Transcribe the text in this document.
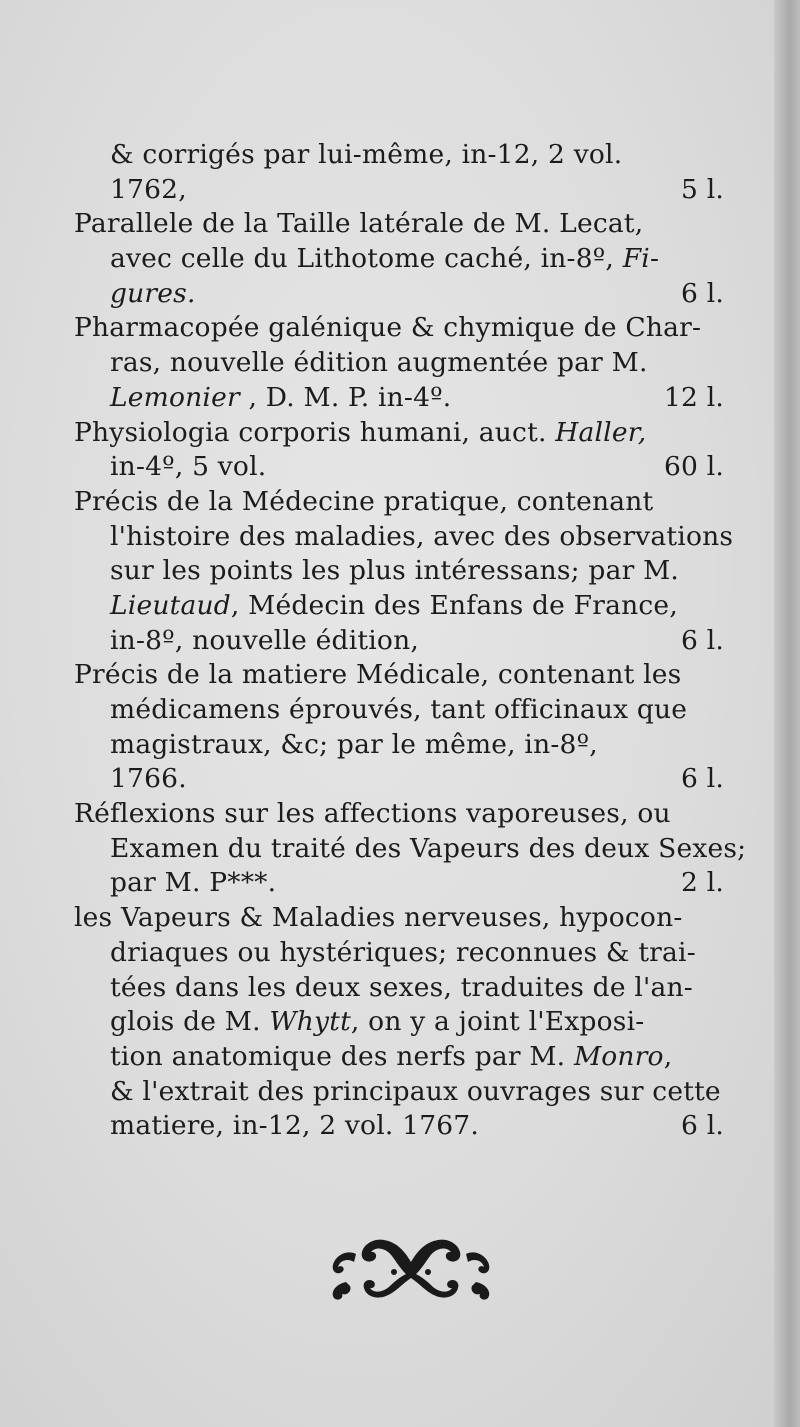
& corrigés par lui-même, in-12, 2 vol.
1762,	5 l.
Parallele de la Taille latérale de M. Lecat,
avec celle du Lithotome caché, in-8º, Fi-
gures.	6 l.
Pharmacopée galénique & chymique de Char-
ras, nouvelle édition augmentée par M.
Lemonier , D. M. P. in-4º.	12 l.
Physiologia corporis humani, auct. Haller,
in-4º, 5 vol.	60 l.
Précis de la Médecine pratique, contenant
l'histoire des maladies, avec des observations
sur les points les plus intéressans; par M.
Lieutaud, Médecin des Enfans de France,
in-8º, nouvelle édition,	6 l.
Précis de la matiere Médicale, contenant les
médicamens éprouvés, tant officinaux que
magistraux, &c; par le même, in-8º,
1766.	6 l.
Réflexions sur les affections vaporeuses, ou
Examen du traité des Vapeurs des deux Sexes;
par M. P***.	2 l.
les Vapeurs & Maladies nerveuses, hypocon-
driaques ou hystériques; reconnues & trai-
tées dans les deux sexes, traduites de l'an-
glois de M. Whytt, on y a joint l'Exposi-
tion anatomique des nerfs par M. Monro,
& l'extrait des principaux ouvrages sur cette
matiere, in-12, 2 vol. 1767.	6 l.
